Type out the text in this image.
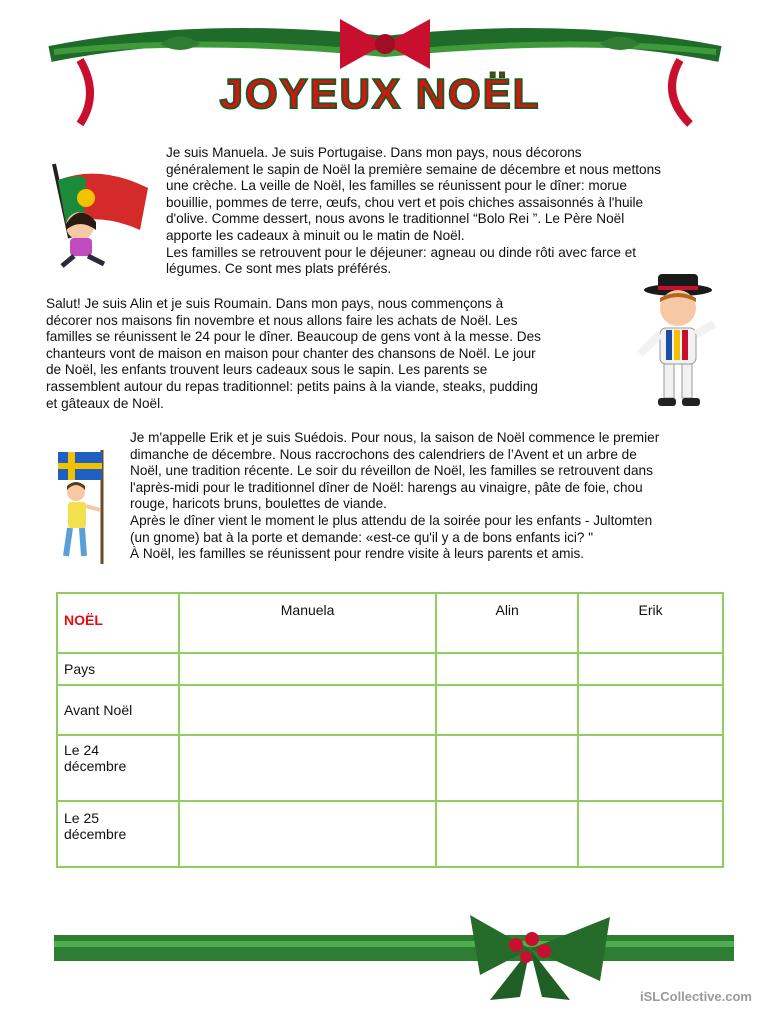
JOYEUX NOËL

Je suis Manuela. Je suis Portugaise. Dans mon pays, nous décorons

généralement le sapin de Noël la première semaine de décembre et nous mettons

une crèche. La veille de Noël, les familles se réunissent pour le dîner: morue

bouillie, pommes de terre, œufs, chou vert et pois chiches assaisonnés à l'huile

d'olive. Comme dessert, nous avons le traditionnel “Bolo Rei ”. Le Père Noël

apporte les cadeaux à minuit ou le matin de Noël.

Les familles se retrouvent pour le déjeuner: agneau ou dinde rôti avec farce et

légumes. Ce sont mes plats préférés.

Salut! Je suis Alin et je suis Roumain. Dans mon pays, nous commençons à

décorer nos maisons fin novembre et nous allons faire les achats de Noël. Les

familles se réunissent le 24 pour le dîner. Beaucoup de gens vont à la messe. Des

chanteurs vont de maison en maison pour chanter des chansons de Noël. Le jour

de Noël, les enfants trouvent leurs cadeaux sous le sapin. Les parents se

rassemblent autour du repas traditionnel: petits pains à la viande, steaks, pudding

et gâteaux de Noël.

Je m'appelle Erik et je suis Suédois. Pour nous, la saison de Noël commence le premier

dimanche de décembre. Nous raccrochons des calendriers de l’Avent et un arbre de

Noël, une tradition récente. Le soir du réveillon de Noël, les familles se retrouvent dans

l'après-midi pour le traditionnel dîner de Noël: harengs au vinaigre, pâte de foie, chou

rouge, haricots bruns, boulettes de viande.

Après le dîner vient le moment le plus attendu de la soirée pour les enfants - Jultomten

(un gnome) bat à la porte et demande: «est-ce qu'il y a de bons enfants ici? "

À Noël, les familles se réunissent pour rendre visite à leurs parents et amis.

NOËL	Manuela	Alin	Erik
Pays			
Avant Noël			

Le 24
décembre			

Le 25
décembre			

iSLCollective.com
